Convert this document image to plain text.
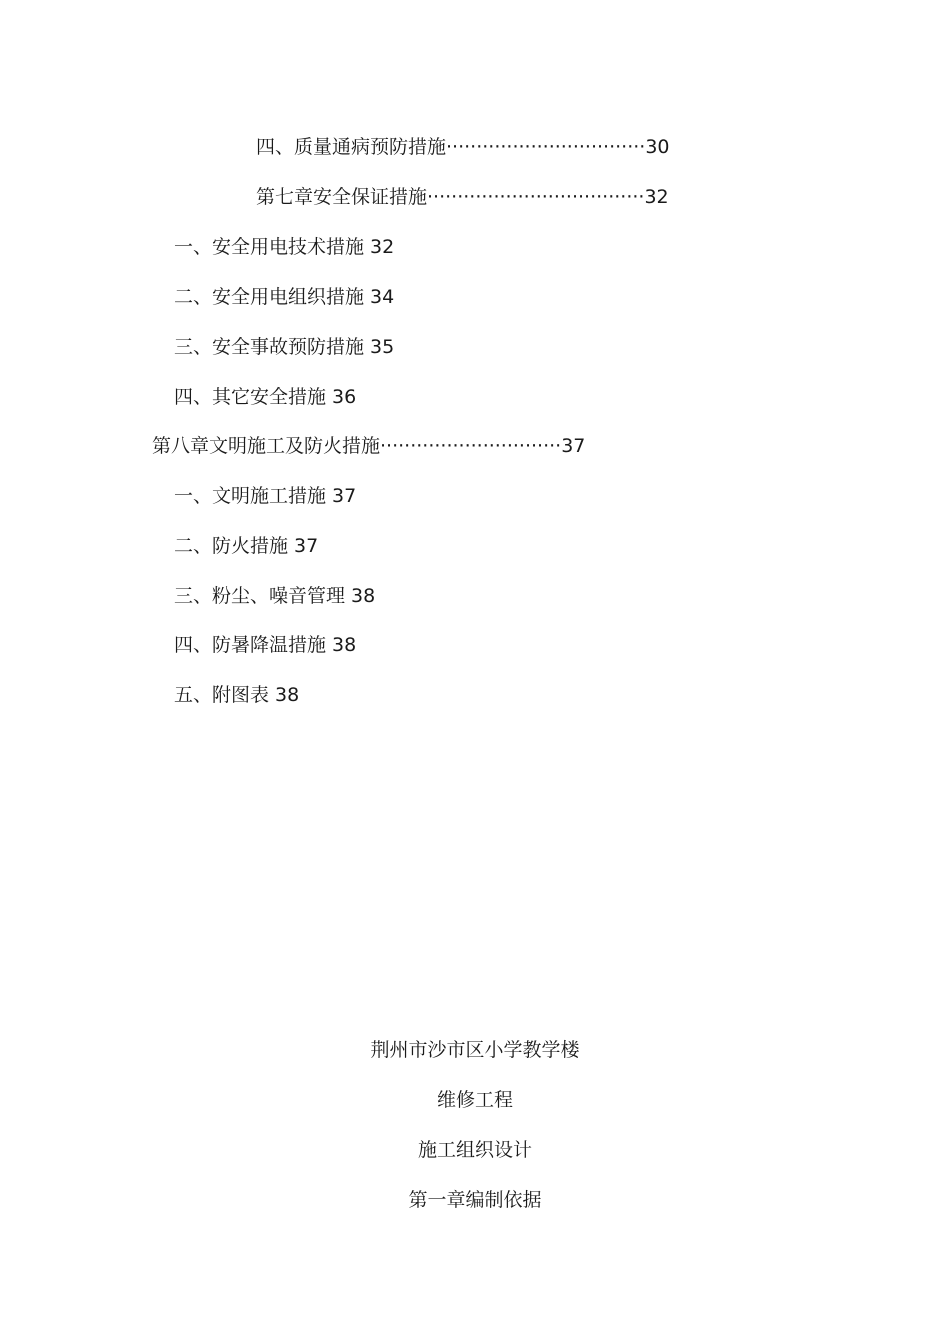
四、质量通病预防措施 ································· 30
第七章安全保证措施 ···································· 32
一、安全用电技术措施 32
二、安全用电组织措施 34
三、安全事故预防措施 35
四、其它安全措施 36
第八章文明施工及防火措施 ······························ 37
一、文明施工措施 37
二、防火措施 37
三、粉尘、噪音管理 38
四、防暑降温措施 38
五、附图表 38
荆州市沙市区小学教学楼
维修工程
施工组织设计
第一章编制依据
